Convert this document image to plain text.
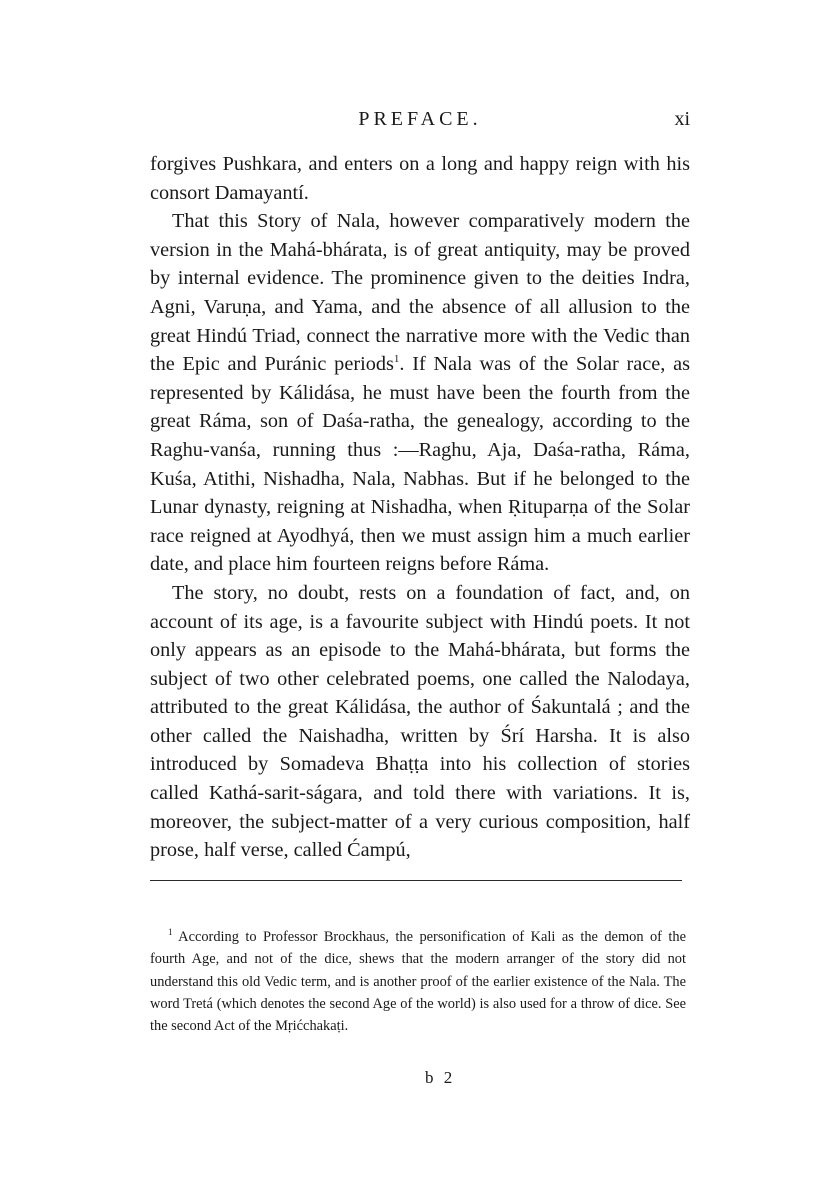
PREFACE.	xi

forgives Pushkara, and enters on a long and happy reign with his consort Damayantí.

That this Story of Nala, however comparatively modern the version in the Mahá-bhárata, is of great antiquity, may be proved by internal evidence. The prominence given to the deities Indra, Agni, Varuṇa, and Yama, and the absence of all allusion to the great Hindú Triad, connect the narrative more with the Vedic than the Epic and Puránic periods$^1$. If Nala was of the Solar race, as represented by Kálidása, he must have been the fourth from the great Ráma, son of Daśa-ratha, the genealogy, according to the Raghu-vanśa, running thus :—Raghu, Aja, Daśa-ratha, Ráma, Kuśa, Atithi, Nishadha, Nala, Nabhas. But if he belonged to the Lunar dynasty, reigning at Nishadha, when Ṛituparṇa of the Solar race reigned at Ayodhyá, then we must assign him a much earlier date, and place him fourteen reigns before Ráma.

The story, no doubt, rests on a foundation of fact, and, on account of its age, is a favourite subject with Hindú poets. It not only appears as an episode to the Mahá-bhárata, but forms the subject of two other celebrated poems, one called the Nalodaya, attributed to the great Kálidása, the author of Śakuntalá ; and the other called the Naishadha, written by Śrí Harsha. It is also introduced by Somadeva Bhaṭṭa into his collection of stories called Kathá-sarit-ságara, and told there with variations. It is, moreover, the subject-matter of a very curious composition, half prose, half verse, called Ćampú,

$^1$ According to Professor Brockhaus, the personification of Kali as the demon of the fourth Age, and not of the dice, shews that the modern arranger of the story did not understand this old Vedic term, and is another proof of the earlier existence of the Nala. The word Tretá (which denotes the second Age of the world) is also used for a throw of dice. See the second Act of the Mṛićchakaṭi.

b 2
